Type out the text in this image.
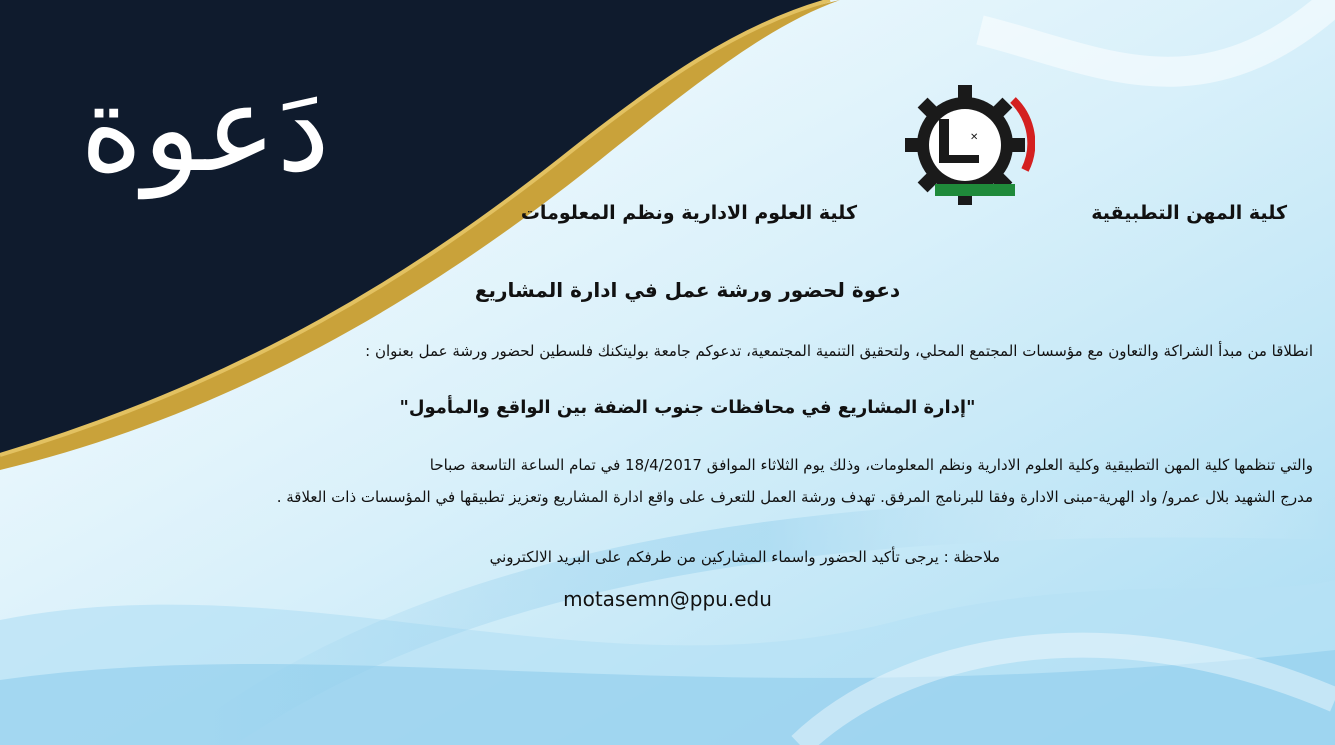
دَعوة	✕
كلية المهن التطبيقية
كلية العلوم الادارية ونظم المعلومات
دعوة لحضور ورشة عمل في ادارة المشاريع
انطلاقا من مبدأ الشراكة والتعاون مع مؤسسات المجتمع المحلي، ولتحقيق التنمية المجتمعية، تدعوكم جامعة بوليتكنك فلسطين لحضور ورشة عمل بعنوان :
"إدارة المشاريع في محافظات جنوب الضفة بين الواقع والمأمول"
والتي تنظمها كلية المهن التطبيقية وكلية العلوم الادارية ونظم المعلومات، وذلك يوم الثلاثاء الموافق 18/4/2017 في تمام الساعة التاسعة صباحا
مدرج الشهيد بلال عمرو/ واد الهرية-مبنى الادارة وفقا للبرنامج المرفق. تهدف ورشة العمل للتعرف على واقع ادارة المشاريع وتعزيز تطبيقها في المؤسسات ذات العلاقة .
ملاحظة : يرجى تأكيد الحضور واسماء المشاركين من طرفكم على البريد الالكتروني
motasemn@ppu.edu
